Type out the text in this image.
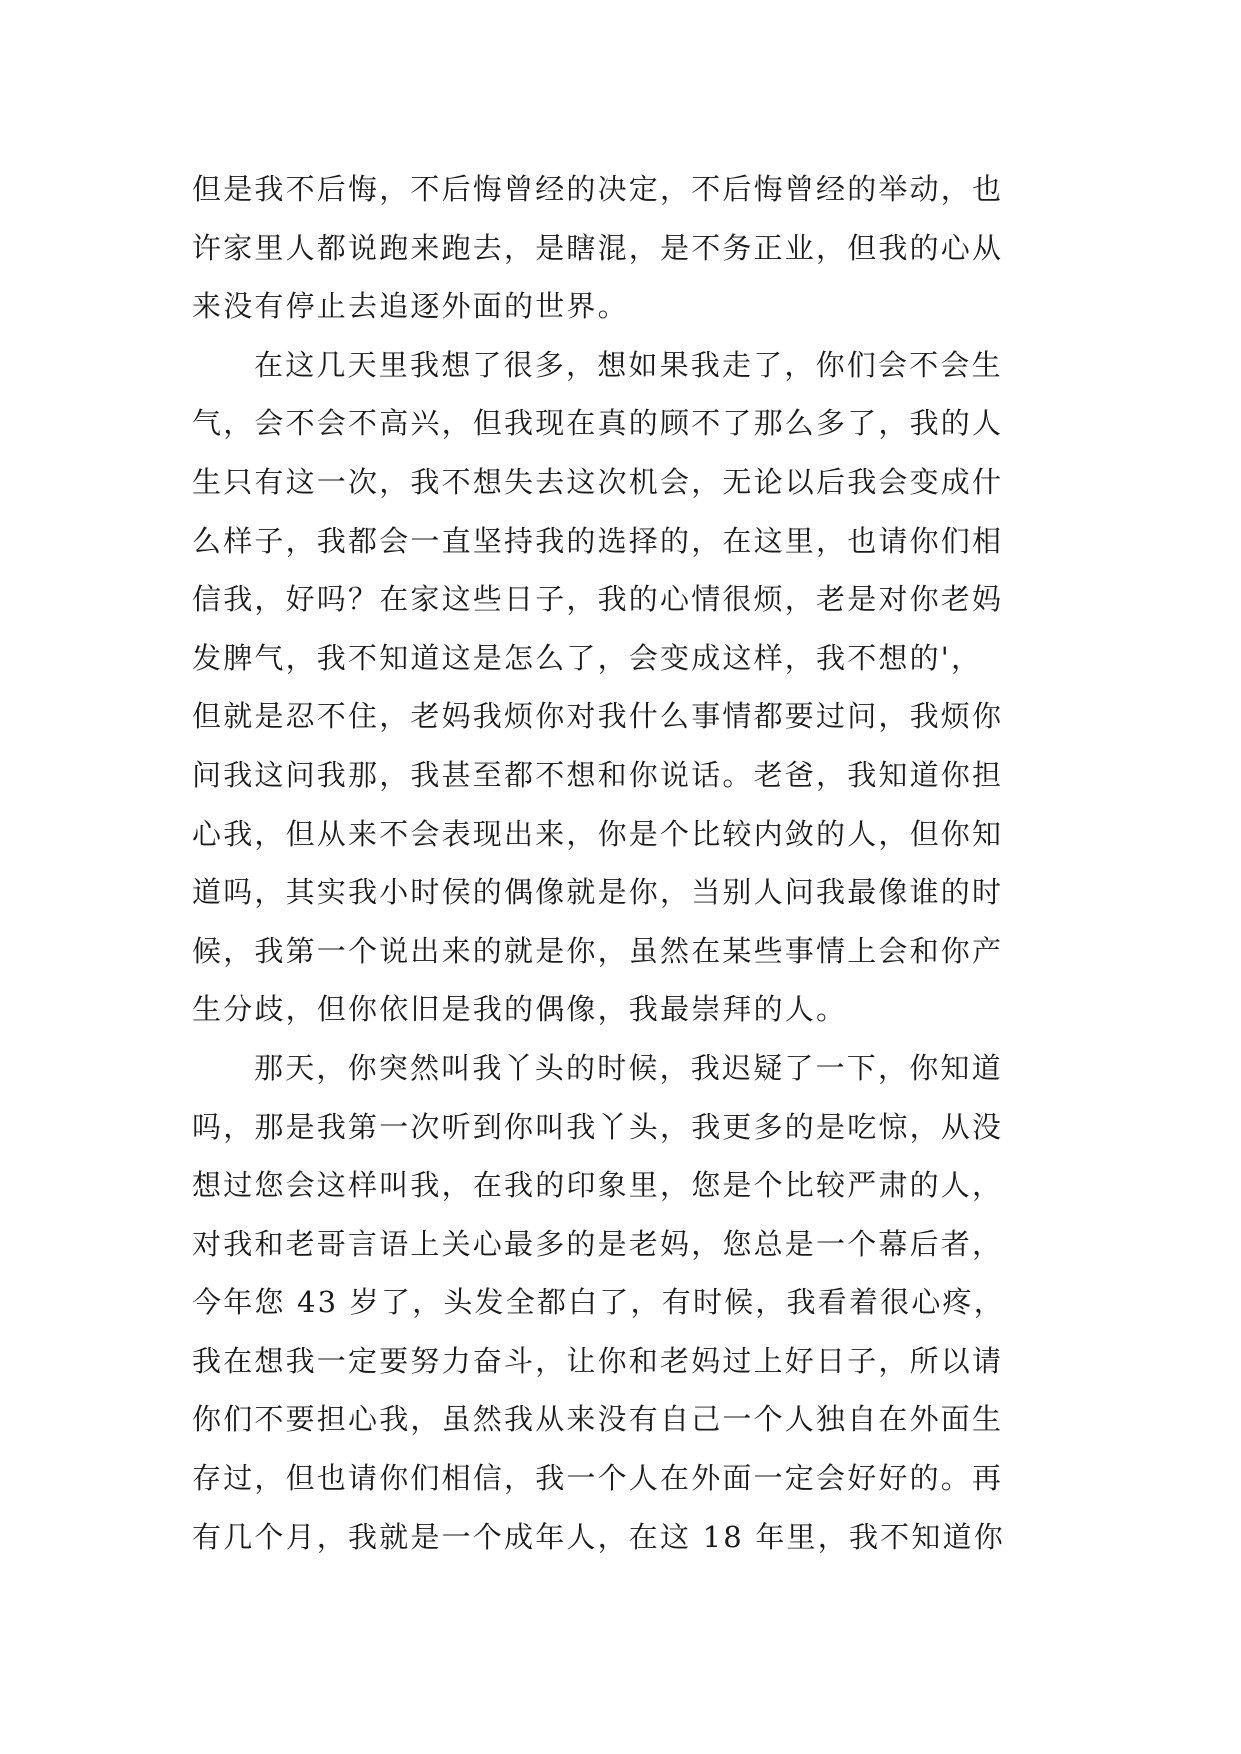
但是我不后悔，不后悔曾经的决定，不后悔曾经的举动，也
许家里人都说跑来跑去，是瞎混，是不务正业，但我的心从
来没有停止去追逐外面的世界。
在这几天里我想了很多，想如果我走了，你们会不会生
气，会不会不高兴，但我现在真的顾不了那么多了，我的人
生只有这一次，我不想失去这次机会，无论以后我会变成什
么样子，我都会一直坚持我的选择的，在这里，也请你们相
信我，好吗？在家这些日子，我的心情很烦，老是对你老妈
发脾气，我不知道这是怎么了，会变成这样，我不想的'，
但就是忍不住，老妈我烦你对我什么事情都要过问，我烦你
问我这问我那，我甚至都不想和你说话。老爸，我知道你担
心我，但从来不会表现出来，你是个比较内敛的人，但你知
道吗，其实我小时侯的偶像就是你，当别人问我最像谁的时
候，我第一个说出来的就是你，虽然在某些事情上会和你产
生分歧，但你依旧是我的偶像，我最崇拜的人。
那天，你突然叫我丫头的时候，我迟疑了一下，你知道
吗，那是我第一次听到你叫我丫头，我更多的是吃惊，从没
想过您会这样叫我，在我的印象里，您是个比较严肃的人，
对我和老哥言语上关心最多的是老妈，您总是一个幕后者，
今年您 43 岁了，头发全都白了，有时候，我看着很心疼，
我在想我一定要努力奋斗，让你和老妈过上好日子，所以请
你们不要担心我，虽然我从来没有自己一个人独自在外面生
存过，但也请你们相信，我一个人在外面一定会好好的。再
有几个月，我就是一个成年人，在这 18 年里，我不知道你
